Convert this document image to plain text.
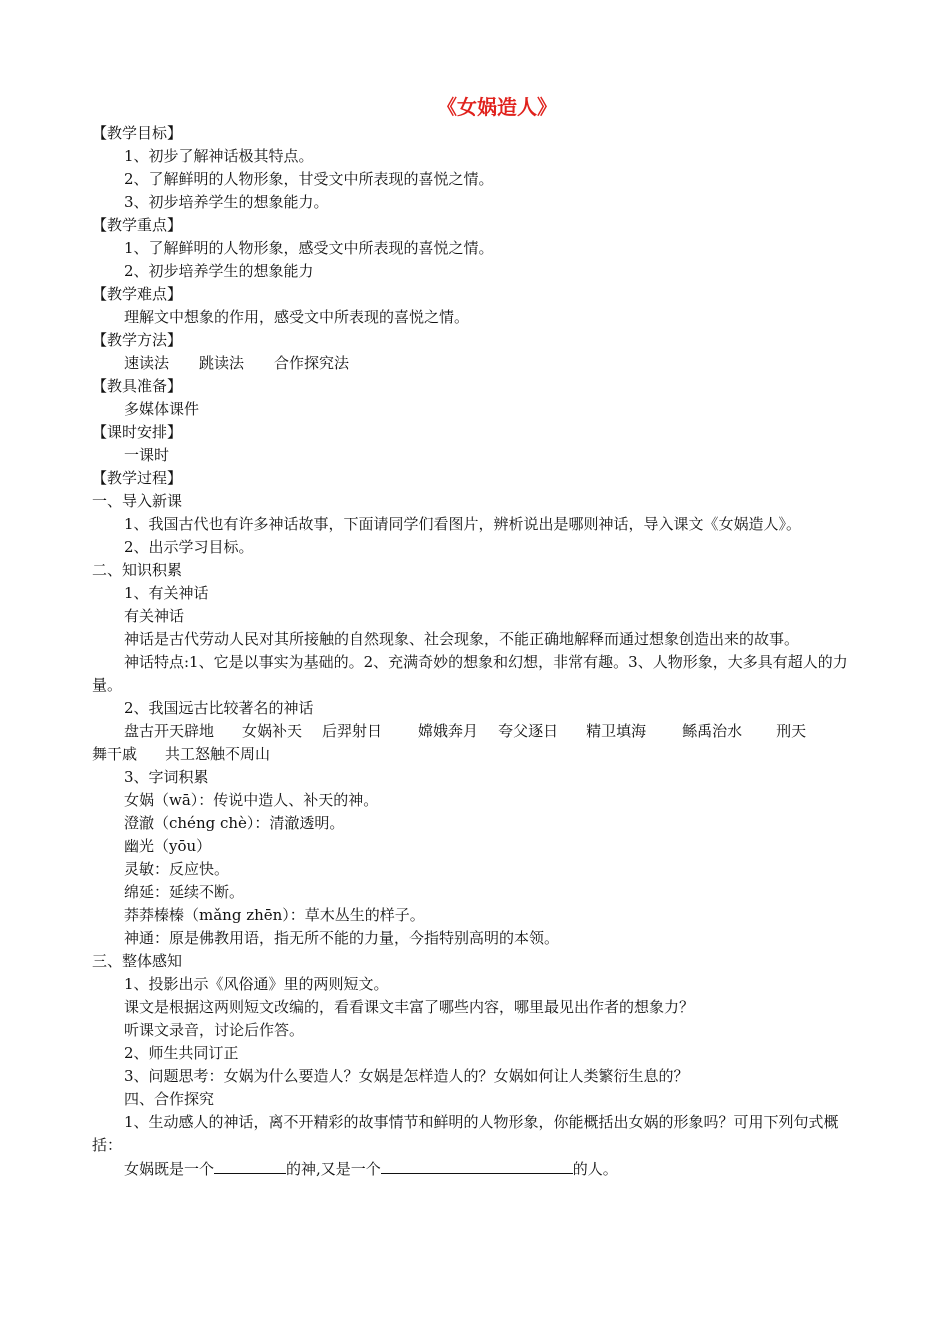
《女娲造人》
【教学目标】
1、初步了解神话极其特点。
2、了解鲜明的人物形象，甘受文中所表现的喜悦之情。
3、初步培养学生的想象能力。
【教学重点】
1、了解鲜明的人物形象，感受文中所表现的喜悦之情。
2、初步培养学生的想象能力
【教学难点】
理解文中想象的作用，感受文中所表现的喜悦之情。
【教学方法】
速读法 跳读法 合作探究法
【教具准备】
多媒体课件
【课时安排】
一课时
【教学过程】
一、导入新课
1、我国古代也有许多神话故事，下面请同学们看图片，辨析说出是哪则神话，导入课文《女娲造人》。
2、出示学习目标。
二、知识积累
1、有关神话
有关神话
神话是古代劳动人民对其所接触的自然现象、社会现象，不能正确地解释而通过想象创造出来的故事。
神话特点:1、它是以事实为基础的。2、充满奇妙的想象和幻想，非常有趣。3、人物形象，大多具有超人的力量。
2、我国远古比较著名的神话
盘古开天辟地 女娲补天 后羿射日 嫦娥奔月 夸父逐日 精卫填海 鲧禹治水 刑天
舞干戚 共工怒触不周山
3、字词积累
女娲（wā）：传说中造人、补天的神。
澄澈（chéng chè）：清澈透明。
幽光（yōu）
灵敏：反应快。
绵延：延续不断。
莽莽榛榛（mǎng zhēn）：草木丛生的样子。
神通：原是佛教用语，指无所不能的力量，今指特别高明的本领。
三、整体感知
1、投影出示《风俗通》里的两则短文。
课文是根据这两则短文改编的，看看课文丰富了哪些内容，哪里最见出作者的想象力？
听课文录音，讨论后作答。
2、师生共同订正
3、问题思考：女娲为什么要造人？女娲是怎样造人的？女娲如何让人类繁衍生息的？
四、合作探究
1、生动感人的神话，离不开精彩的故事情节和鲜明的人物形象，你能概括出女娲的形象吗？可用下列句式概括：
女娲既是一个	的神,又是一个	的人。
